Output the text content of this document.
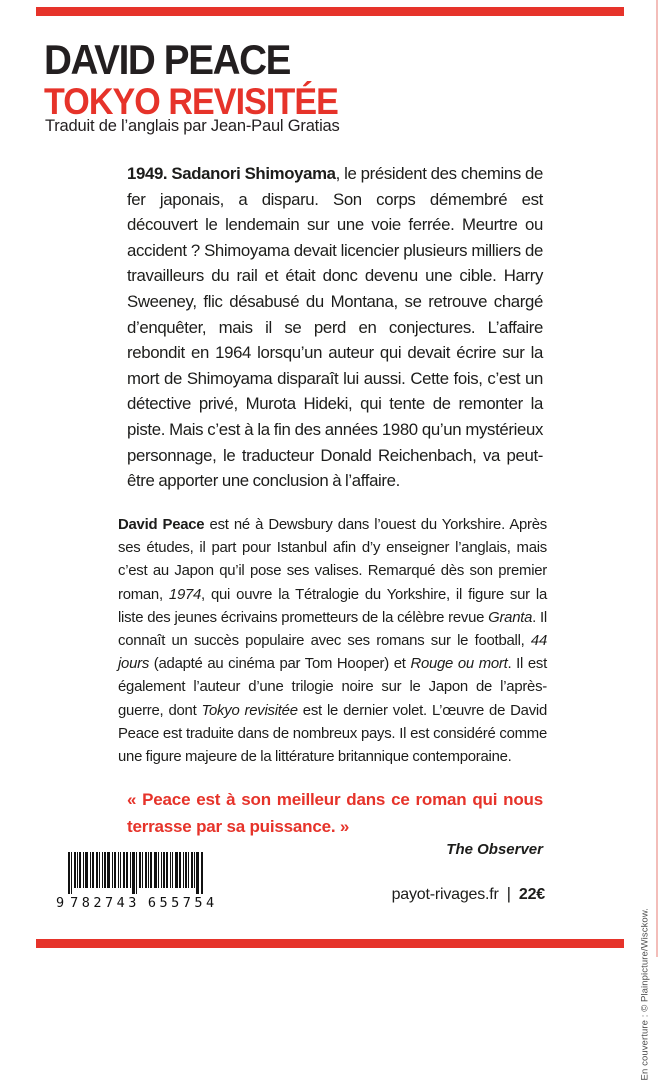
DAVID PEACE
TOKYO REVISITÉE
Traduit de l’anglais par Jean-Paul Gratias
1949. Sadanori Shimoyama, le président des chemins de fer japonais, a disparu. Son corps démembré est découvert le lendemain sur une voie ferrée. Meurtre ou accident ? Shimoyama devait licencier plusieurs milliers de travailleurs du rail et était donc devenu une cible. Harry Sweeney, flic désabusé du Montana, se retrouve chargé d’enquêter, mais il se perd en conjectures. L’affaire rebondit en 1964 lorsqu’un auteur qui devait écrire sur la mort de Shimoyama disparaît lui aussi. Cette fois, c’est un détective privé, Murota Hideki, qui tente de remonter la piste. Mais c’est à la fin des années 1980 qu’un mystérieux personnage, le traducteur Donald Reichenbach, va peut-être apporter une conclusion à l’affaire.
David Peace est né à Dewsbury dans l’ouest du Yorkshire. Après ses études, il part pour Istanbul afin d’y enseigner l’anglais, mais c’est au Japon qu’il pose ses valises. Remarqué dès son premier roman, 1974, qui ouvre la Tétralogie du Yorkshire, il figure sur la liste des jeunes écrivains prometteurs de la célèbre revue Granta. Il connaît un succès populaire avec ses romans sur le football, 44 jours (adapté au cinéma par Tom Hooper) et Rouge ou mort. Il est également l’auteur d’une trilogie noire sur le Japon de l’après-guerre, dont Tokyo revisitée est le dernier volet. L’œuvre de David Peace est traduite dans de nombreux pays. Il est considéré comme une figure majeure de la littérature britannique contemporaine.
« Peace est à son meilleur dans ce roman qui nous terrasse par sa puissance. »
The Observer
9 782743 655754	payot-rivages.fr | 22€
En couverture : © Plainpicture/Wisckow.
